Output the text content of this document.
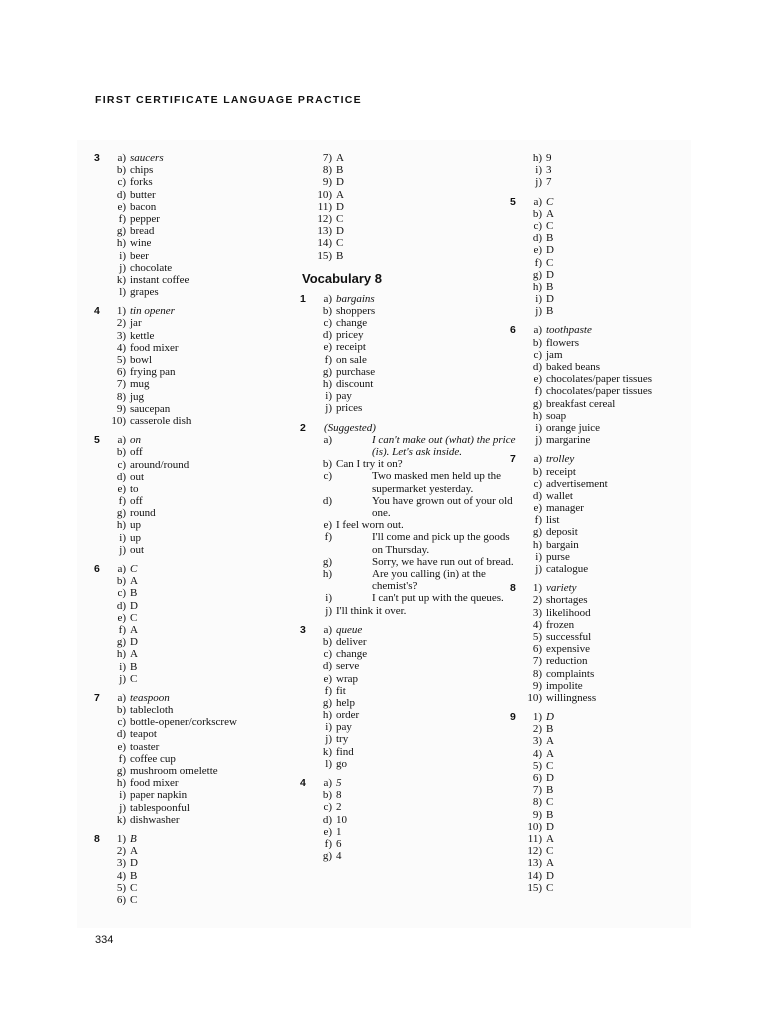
FIRST CERTIFICATE LANGUAGE PRACTICE
3	a) saucers
b) chips
c) forks
d) butter
e) bacon
f) pepper
g) bread
h) wine
i) beer
j) chocolate
k) instant coffee
l) grapes
4	1) tin opener
2) jar
3) kettle
4) food mixer
5) bowl
6) frying pan
7) mug
8) jug
9) saucepan
10) casserole dish
5	a) on
b) off
c) around/round
d) out
e) to
f) off
g) round
h) up
i) up
j) out
6	a) C
b) A
c) B
d) D
e) C
f) A
g) D
h) A
i) B
j) C
7	a) teaspoon
b) tablecloth
c) bottle-opener/corkscrew
d) teapot
e) toaster
f) coffee cup
g) mushroom omelette
h) food mixer
i) paper napkin
j) tablespoonful
k) dishwasher
8	1) B
2) A
3) D
4) B
5) C
6) C
7) A
8) B
9) D
10) A
11) D
12) C
13) D
14) C
15) B
Vocabulary 8
1	a) bargains
b) shoppers
c) change
d) pricey
e) receipt
f) on sale
g) purchase
h) discount
i) pay
j) prices
2	(Suggested)
a)	I can't make out (what) the price (is). Let's ask inside.
b) Can I try it on?
c)	Two masked men held up the supermarket yesterday.
d)	You have grown out of your old one.
e) I feel worn out.
f)	I'll come and pick up the goods on Thursday.
g)	Sorry, we have run out of bread.
h)	Are you calling (in) at the chemist's?
i)	I can't put up with the queues.
j) I'll think it over.
3	a) queue
b) deliver
c) change
d) serve
e) wrap
f) fit
g) help
h) order
i) pay
j) try
k) find
l) go
4	a) 5
b) 8
c) 2
d) 10
e) 1
f) 6
g) 4
h) 9
i) 3
j) 7
5	a) C
b) A
c) C
d) B
e) D
f) C
g) D
h) B
i) D
j) B
6	a) toothpaste
b) flowers
c) jam
d) baked beans
e) chocolates/paper tissues
f) chocolates/paper tissues
g) breakfast cereal
h) soap
i) orange juice
j) margarine
7	a) trolley
b) receipt
c) advertisement
d) wallet
e) manager
f) list
g) deposit
h) bargain
i) purse
j) catalogue
8	1) variety
2) shortages
3) likelihood
4) frozen
5) successful
6) expensive
7) reduction
8) complaints
9) impolite
10) willingness
9	1) D
2) B
3) A
4) A
5) C
6) D
7) B
8) C
9) B
10) D
11) A
12) C
13) A
14) D
15) C
334
